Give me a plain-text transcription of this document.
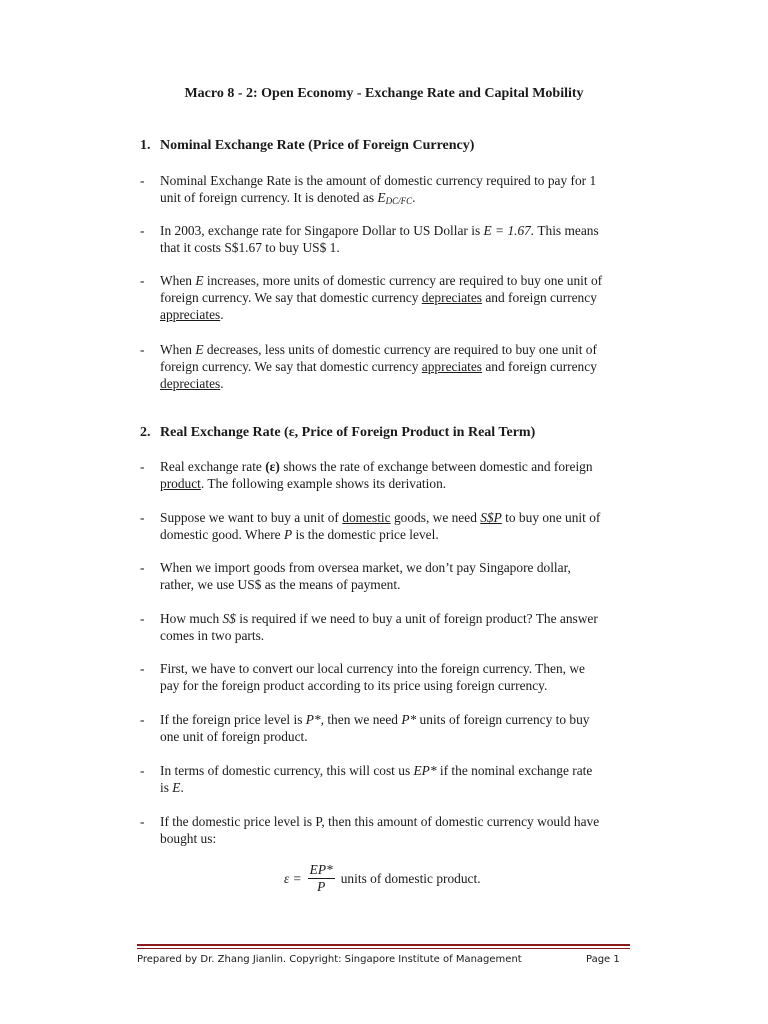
Macro 8 - 2: Open Economy - Exchange Rate and Capital Mobility
1. Nominal Exchange Rate (Price of Foreign Currency)
- Nominal Exchange Rate is the amount of domestic currency required to pay for 1
unit of foreign currency. It is denoted as $E_{DC/FC}$.
- In 2003, exchange rate for Singapore Dollar to US Dollar is E = 1.67. This means
that it costs S$1.67 to buy US$ 1.
- When E increases, more units of domestic currency are required to buy one unit of
foreign currency. We say that domestic currency depreciates and foreign currency
appreciates.
- When E decreases, less units of domestic currency are required to buy one unit of
foreign currency. We say that domestic currency appreciates and foreign currency
depreciates.
2. Real Exchange Rate (ε, Price of Foreign Product in Real Term)
- Real exchange rate (ε) shows the rate of exchange between domestic and foreign
product. The following example shows its derivation.
- Suppose we want to buy a unit of domestic goods, we need S$P to buy one unit of
domestic good. Where P is the domestic price level.
- When we import goods from oversea market, we don’t pay Singapore dollar,
rather, we use US$ as the means of payment.
- How much S$ is required if we need to buy a unit of foreign product? The answer
comes in two parts.
- First, we have to convert our local currency into the foreign currency. Then, we
pay for the foreign product according to its price using foreign currency.
- If the foreign price level is P*, then we need P* units of foreign currency to buy
one unit of foreign product.
- In terms of domestic currency, this will cost us EP* if the nominal exchange rate
is E.
- If the domestic price level is P, then this amount of domestic currency would have
bought us:
$\varepsilon = \frac{EP*}{P}$ units of domestic product.
Prepared by Dr. Zhang Jianlin. Copyright: Singapore Institute of Management	Page 1
